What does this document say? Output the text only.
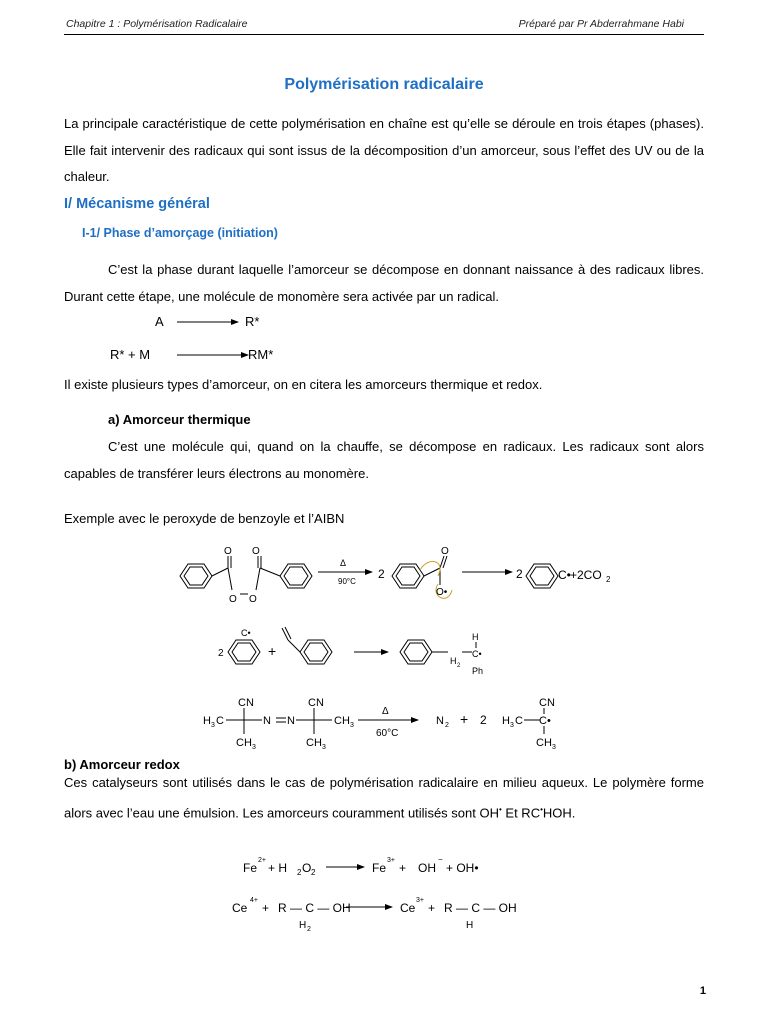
Chapitre 1 : Polymérisation Radicalaire	Préparé par Pr Abderrahmane Habi
Polymérisation radicalaire
La principale caractéristique de cette polymérisation en chaîne est qu’elle se déroule en trois étapes (phases). Elle fait intervenir des radicaux qui sont issus de la décomposition d’un amorceur, sous l’effet des UV ou de la chaleur.
I/ Mécanisme général
I-1/ Phase d’amorçage (initiation)
C’est la phase durant laquelle l’amorceur se décompose en donnant naissance à des radicaux libres. Durant cette étape, une molécule de monomère sera activée par un radical.
A	R*
R* + M	RM*
Il existe plusieurs types d’amorceur, on en citera les amorceurs thermique et redox.
a) Amorceur thermique
C’est une molécule qui, quand on la chauffe, se décompose en radicaux. Les radicaux sont alors capables de transférer leurs électrons au monomère.
Exemple avec le peroxyde de benzoyle et l’AIBN
b) Amorceur redox
Ces catalyseurs sont utilisés dans le cas de polymérisation radicalaire en milieu aqueux. Le polymère forme alors avec l’eau une émulsion. Les amorceurs couramment utilisés sont OH• Et RC•HOH.
1
O O
O O
Δ
90°C
2
O
O•
2	C• +2CO 2
2
C•
+
H
C•
H 2 Ph
CN	CN	CN
H 3 C	N N	CH 3
CH 3	CH 3
Δ
60°C
N 2 + 2 H 3 C C•
CH 3
Fe
2+
+ H 2 O 2	Fe
3+
+ OH
−
+ OH•
Ce
4+
+ R — C — OH
H 2
Ce
3+
+ R — C — OH
H
